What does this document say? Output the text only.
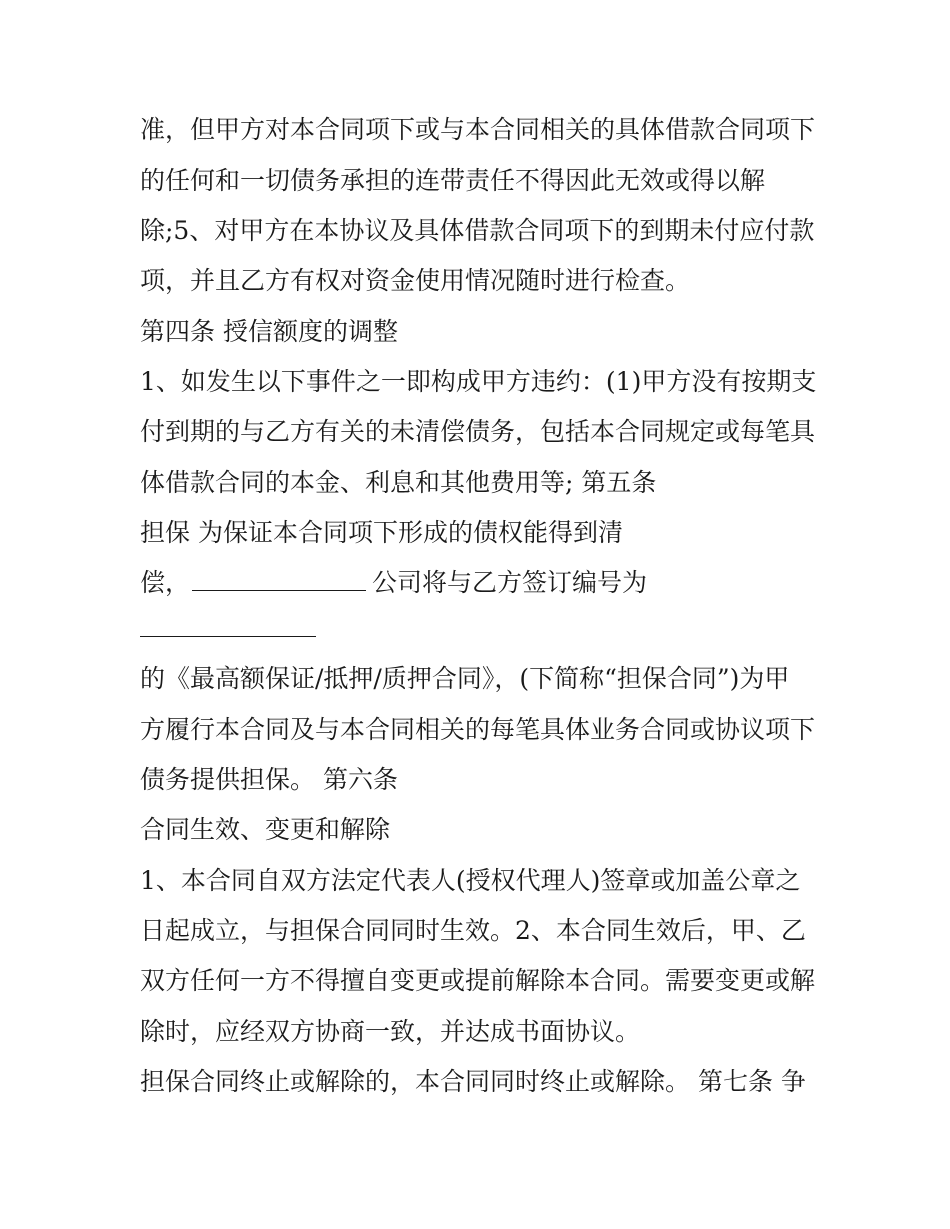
准，但甲方对本合同项下或与本合同相关的具体借款合同项下
的任何和一切债务承担的连带责任不得因此无效或得以解
除;5、对甲方在本协议及具体借款合同项下的到期未付应付款
项，并且乙方有权对资金使用情况随时进行检查。
第四条 授信额度的调整
1、如发生以下事件之一即构成甲方违约：(1)甲方没有按期支
付到期的与乙方有关的未清偿债务，包括本合同规定或每笔具
体借款合同的本金、利息和其他费用等; 第五条
担保 为保证本合同项下形成的债权能得到清
偿，	公司将与乙方签订编号为
的《最高额保证/抵押/质押合同》，(下简称“担保合同”)为甲
方履行本合同及与本合同相关的每笔具体业务合同或协议项下
债务提供担保。 第六条
合同生效、变更和解除
1、本合同自双方法定代表人(授权代理人)签章或加盖公章之
日起成立，与担保合同同时生效。2、本合同生效后，甲、乙
双方任何一方不得擅自变更或提前解除本合同。需要变更或解
除时，应经双方协商一致，并达成书面协议。
担保合同终止或解除的，本合同同时终止或解除。 第七条 争
